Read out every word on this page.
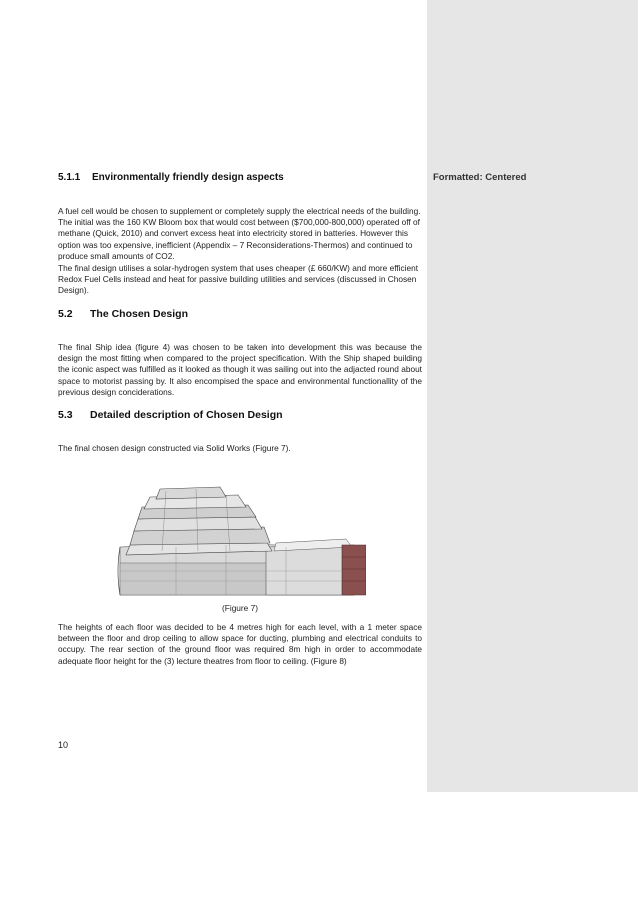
Formatted: Centered
5.1.1 Environmentally friendly design aspects

A fuel cell would be chosen to supplement or completely supply the electrical needs of the building. The initial was the 160 KW Bloom box that would cost between ($700,000-800,000) operated off of methane (Quick, 2010) and convert excess heat into electricity stored in batteries. However this option was too expensive, inefficient (Appendix – 7 Reconsiderations-Thermos) and continued to produce small amounts of CO2.

The final design utilises a solar-hydrogen system that uses cheaper (£ 660/KW) and more efficient Redox Fuel Cells instead and heat for passive building utilities and services (discussed in Chosen Design).

5.2 The Chosen Design

The final Ship idea (figure 4) was chosen to be taken into development this was because the design the most fitting when compared to the project specification. With the Ship shaped building the iconic aspect was fulfilled as it looked as though it was sailing out into the adjacted round about space to motorist passing by. It also encompised the space and environmental functionallity of the previous design conciderations.

5.3 Detailed description of Chosen Design

The final chosen design constructed via Solid Works (Figure 7).

(Figure 7)

The heights of each floor was decided to be 4 metres high for each level, with a 1 meter space between the floor and drop ceiling to allow space for ducting, plumbing and electrical conduits to occupy. The rear section of the ground floor was required 8m high in order to accommodate adequate floor height for the (3) lecture theatres from floor to ceiling. (Figure 8)

10
